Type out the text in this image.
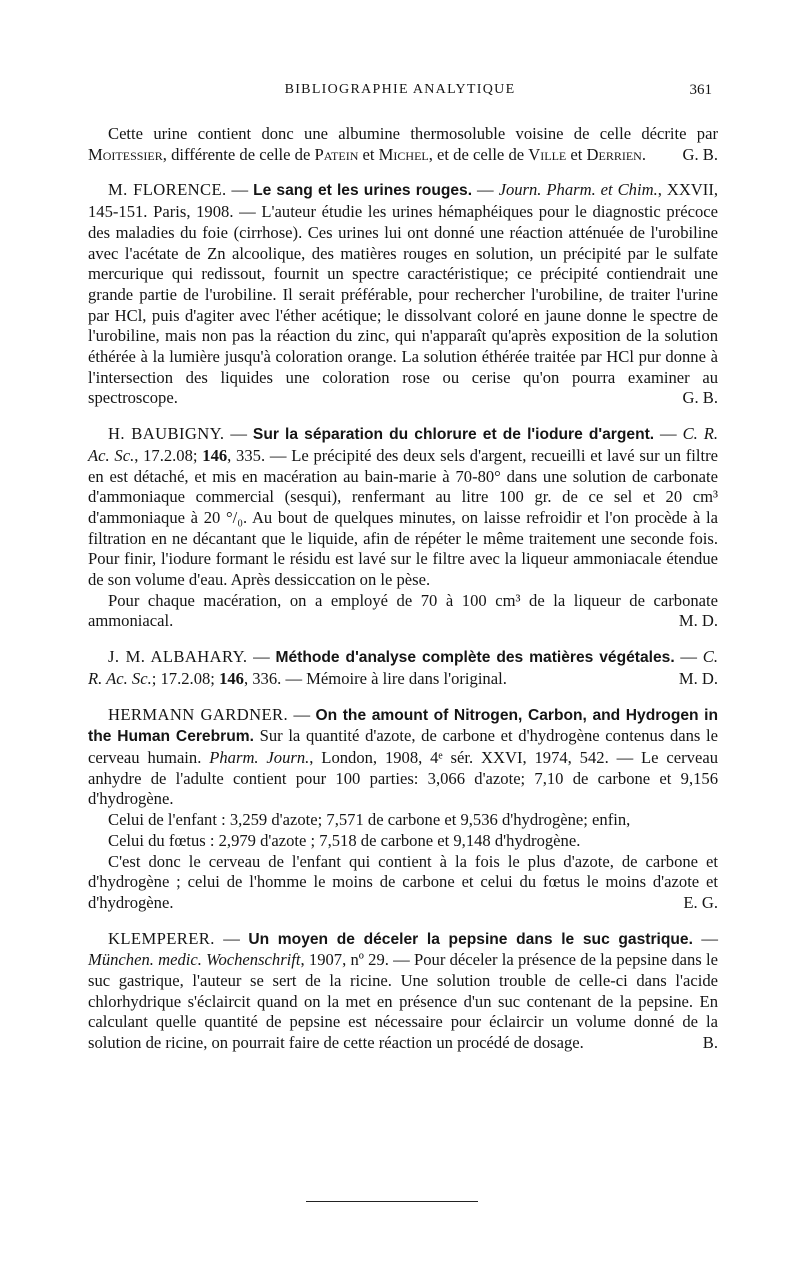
BIBLIOGRAPHIE ANALYTIQUE	361

Cette urine contient donc une albumine thermosoluble voisine de celle décrite par Moitessier, différente de celle de Patein et Michel, et de celle de Ville et Derrien.	G. B.

M. FLORENCE. — Le sang et les urines rouges. — Journ. Pharm. et Chim., XXVII, 145-151. Paris, 1908. — L'auteur étudie les urines hémaphéiques pour le diagnostic précoce des maladies du foie (cirrhose). Ces urines lui ont donné une réaction atténuée de l'urobiline avec l'acétate de Zn alcoolique, des matières rouges en solution, un précipité par le sulfate mercurique qui redissout, fournit un spectre caractéristique; ce précipité contiendrait une grande partie de l'urobiline. Il serait préférable, pour rechercher l'urobiline, de traiter l'urine par HCl, puis d'agiter avec l'éther acétique; le dissolvant coloré en jaune donne le spectre de l'urobiline, mais non pas la réaction du zinc, qui n'apparaît qu'après exposition de la solution éthérée à la lumière jusqu'à coloration orange. La solution éthérée traitée par HCl pur donne à l'intersection des liquides une coloration rose ou cerise qu'on pourra examiner au spectroscope.	G. B.

H. BAUBIGNY. — Sur la séparation du chlorure et de l'iodure d'argent. — C. R. Ac. Sc., 17.2.08; 146, 335. — Le précipité des deux sels d'argent, recueilli et lavé sur un filtre en est détaché, et mis en macération au bain-marie à 70-80° dans une solution de carbonate d'ammoniaque commercial (sesqui), renfermant au litre 100 gr. de ce sel et 20 cm³ d'ammoniaque à 20 °/₀. Au bout de quelques minutes, on laisse refroidir et l'on procède à la filtration en ne décantant que le liquide, afin de répéter le même traitement une seconde fois. Pour finir, l'iodure formant le résidu est lavé sur le filtre avec la liqueur ammoniacale étendue de son volume d'eau. Après dessiccation on le pèse.

Pour chaque macération, on a employé de 70 à 100 cm³ de la liqueur de carbonate ammoniacal.	M. D.

J. M. ALBAHARY. — Méthode d'analyse complète des matières végétales. — C. R. Ac. Sc.; 17.2.08; 146, 336. — Mémoire à lire dans l'original.	M. D.

HERMANN GARDNER. — On the amount of Nitrogen, Carbon, and Hydrogen in the Human Cerebrum. Sur la quantité d'azote, de carbone et d'hydrogène contenus dans le cerveau humain. Pharm. Journ., London, 1908, 4ᵉ sér. XXVI, 1974, 542. — Le cerveau anhydre de l'adulte contient pour 100 parties: 3,066 d'azote; 7,10 de carbone et 9,156 d'hydrogène.

Celui de l'enfant : 3,259 d'azote; 7,571 de carbone et 9,536 d'hydrogène; enfin,

Celui du fœtus : 2,979 d'azote ; 7,518 de carbone et 9,148 d'hydrogène.

C'est donc le cerveau de l'enfant qui contient à la fois le plus d'azote, de carbone et d'hydrogène ; celui de l'homme le moins de carbone et celui du fœtus le moins d'azote et d'hydrogène.	E. G.

KLEMPERER. — Un moyen de déceler la pepsine dans le suc gastrique. — München. medic. Wochenschrift, 1907, nº 29. — Pour déceler la présence de la pepsine dans le suc gastrique, l'auteur se sert de la ricine. Une solution trouble de celle-ci dans l'acide chlorhydrique s'éclaircit quand on la met en présence d'un suc contenant de la pepsine. En calculant quelle quantité de pepsine est nécessaire pour éclaircir un volume donné de la solution de ricine, on pourrait faire de cette réaction un procédé de dosage.	B.
